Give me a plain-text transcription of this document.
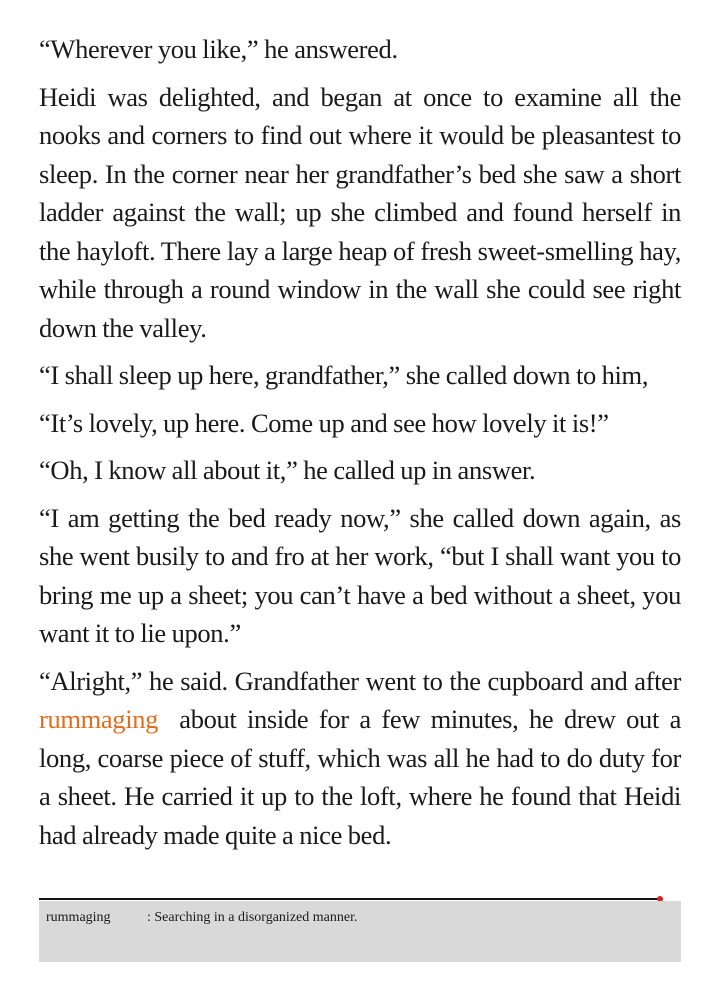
“Wherever you like,” he answered.

Heidi was delighted, and began at once to examine all the nooks and corners to find out where it would be pleasantest to sleep. In the corner near her grandfather’s bed she saw a short ladder against the wall; up she climbed and found herself in the hayloft. There lay a large heap of fresh sweet-smelling hay, while through a round window in the wall she could see right down the valley.

“I shall sleep up here, grandfather,” she called down to him,

“It’s lovely, up here. Come up and see how lovely it is!”

“Oh, I know all about it,” he called up in answer.

“I am getting the bed ready now,” she called down again, as she went busily to and fro at her work, “but I shall want you to bring me up a sheet; you can’t have a bed without a sheet, you want it to lie upon.”

“Alright,” he said. Grandfather went to the cupboard and after rummaging  about inside for a few minutes, he drew out a long, coarse piece of stuff, which was all he had to do duty for a sheet. He carried it up to the loft, where he found that Heidi had already made quite a nice bed.

rummaging	: Searching in a disorganized manner.
